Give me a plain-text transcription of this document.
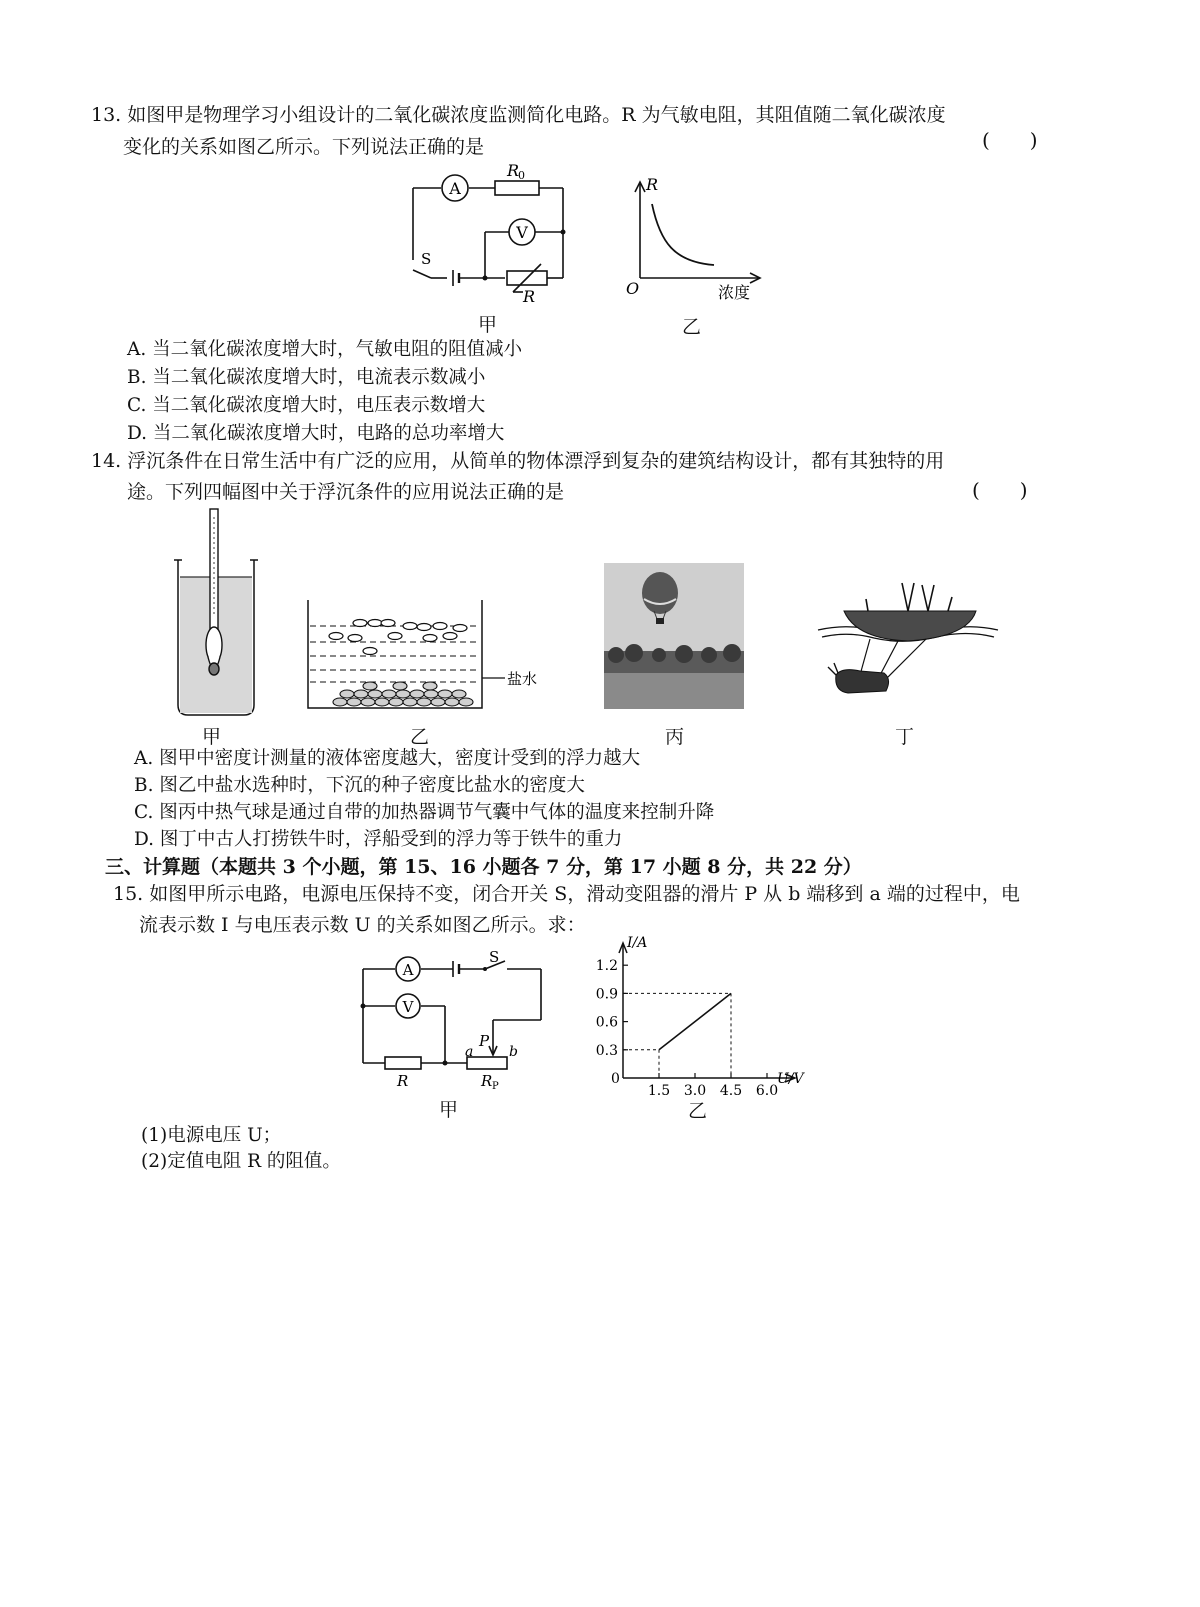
13. 如图甲是物理学习小组设计的二氧化碳浓度监测简化电路。R 为气敏电阻，其阻值随二氧化碳浓度
变化的关系如图乙所示。下列说法正确的是	(　　)
A
V
R
0
S
R
甲
R
O	浓度
乙
A. 当二氧化碳浓度增大时，气敏电阻的阻值减小
B. 当二氧化碳浓度增大时，电流表示数减小
C. 当二氧化碳浓度增大时，电压表示数增大
D. 当二氧化碳浓度增大时，电路的总功率增大
14. 浮沉条件在日常生活中有广泛的应用，从简单的物体漂浮到复杂的建筑结构设计，都有其独特的用
途。下列四幅图中关于浮沉条件的应用说法正确的是	(　　)
甲
盐水
乙	丙	丁
A. 图甲中密度计测量的液体密度越大，密度计受到的浮力越大
B. 图乙中盐水选种时，下沉的种子密度比盐水的密度大
C. 图丙中热气球是通过自带的加热器调节气囊中气体的温度来控制升降
D. 图丁中古人打捞铁牛时，浮船受到的浮力等于铁牛的重力
三、计算题（本题共 3 个小题，第 15、16 小题各 7 分，第 17 小题 8 分，共 22 分）
15. 如图甲所示电路，电源电压保持不变，闭合开关 S，滑动变阻器的滑片 P 从 b 端移到 a 端的过程中，电
流表示数 I 与电压表示数 U 的关系如图乙所示。求：
A
V
S
P
a	b
R	R P
甲
0.3
0.6
0.9
1.2
1.5 3.0 4.5 6.0
I/A
U/V
0
乙
(1)电源电压 U；
(2)定值电阻 R 的阻值。
